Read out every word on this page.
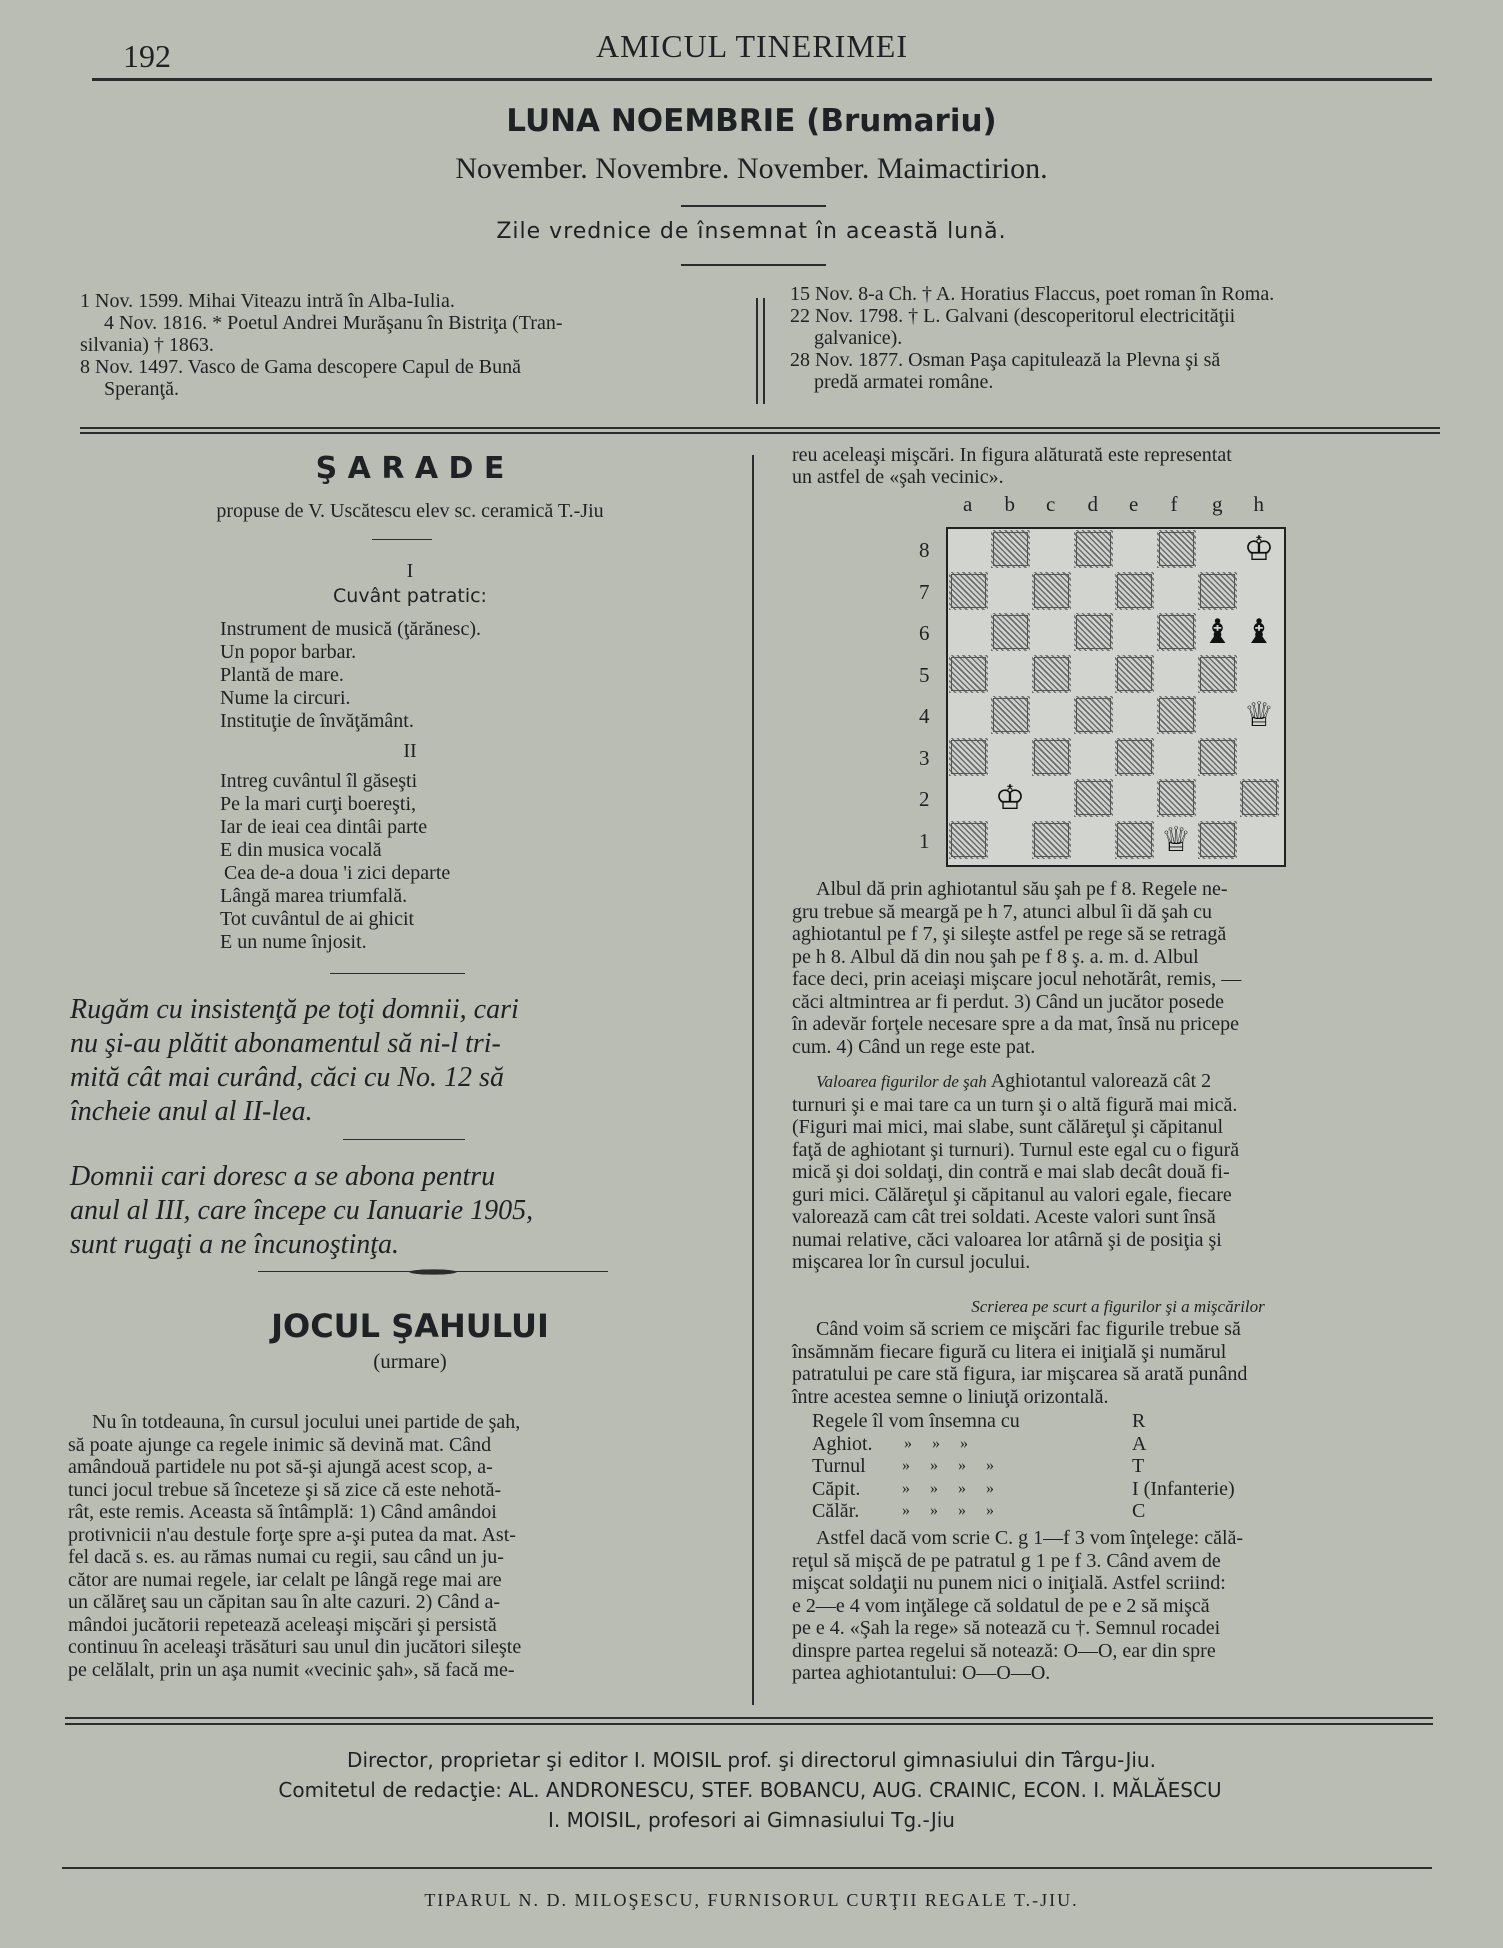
192	AMICUL TINERIMEI
LUNA NOEMBRIE (Brumariu)
November. Novembre. November. Maimactirion.
Zile vrednice de însemnat în această lună.
1 Nov. 1599. Mihai Viteazu intră în Alba-Iulia.
4 Nov. 1816. * Poetul Andrei Murăşanu în Bistriţa (Tran-
silvania) † 1863.
8 Nov. 1497. Vasco de Gama descopere Capul de Bună
Speranţă.
15 Nov. 8-a Ch. † A. Horatius Flaccus, poet roman în Roma.
22 Nov. 1798. † L. Galvani (descoperitorul electricităţii
galvanice).
28 Nov. 1877. Osman Paşa capitulează la Plevna şi să
predă armatei române.
Ş A R A D E
propuse de V. Uscătescu elev sc. ceramică T.-Jiu
I
Cuvânt patratic:
Instrument de musică (ţărănesc).
Un popor barbar.
Plantă de mare.
Nume la circuri.
Instituţie de învăţământ.
II
Intreg cuvântul îl găseşti
Pe la mari curţi boereşti,
Iar de ieai cea dintâi parte
E din musica vocală
Cea de-a doua 'i zici departe
Lângă marea triumfală.
Tot cuvântul de ai ghicit
E un nume înjosit.
Rugăm cu insistenţă pe toţi domnii, cari
nu şi-au plătit abonamentul să ni-l tri-
mită cât mai curând, căci cu No. 12 să
încheie anul al II-lea.
Domnii cari doresc a se abona pentru
anul al III, care începe cu Ianuarie 1905,
sunt rugaţi a ne încunoştinţa.
JOCUL ŞAHULUI
(urmare)
Nu în totdeauna, în cursul jocului unei partide de şah,
să poate ajunge ca regele inimic să devină mat. Când
amândouă partidele nu pot să-şi ajungă acest scop, a-
tunci jocul trebue să înceteze şi să zice că este nehotă-
rât, este remis. Aceasta să întâmplă: 1) Când amândoi
protivnicii n'au destule forţe spre a-şi putea da mat. Ast-
fel dacă s. es. au rămas numai cu regii, sau când un ju-
cător are numai regele, iar celalt pe lângă rege mai are
un călăreţ sau un căpitan sau în alte cazuri. 2) Când a-
mândoi jucătorii repetează aceleaşi mişcări şi persistă
continuu în aceleaşi trăsături sau unul din jucători sileşte
pe celălalt, prin un aşa numit «vecinic şah», să facă me-
reu aceleaşi mişcări. In figura alăturată este representat
un astfel de «şah vecinic».
a b c d e f g h
8
7
6
5
4
3
2
1
♔
♝ ♝
♕
♔
♕
Albul dă prin aghiotantul său şah pe f 8. Regele ne-
gru trebue să meargă pe h 7, atunci albul îi dă şah cu
aghiotantul pe f 7, şi sileşte astfel pe rege să se retragă
pe h 8. Albul dă din nou şah pe f 8 ş. a. m. d. Albul
face deci, prin aceiaşi mişcare jocul nehotărât, remis, —
căci altmintrea ar fi perdut. 3) Când un jucător posede
în adevăr forţele necesare spre a da mat, însă nu pricepe
cum. 4) Când un rege este pat.
Valoarea figurilor de şah Aghiotantul valorează cât 2
turnuri şi e mai tare ca un turn şi o altă figură mai mică.
(Figuri mai mici, mai slabe, sunt călăreţul şi căpitanul
faţă de aghiotant şi turnuri). Turnul este egal cu o figură
mică şi doi soldaţi, din contră e mai slab decât două fi-
guri mici. Călăreţul şi căpitanul au valori egale, fiecare
valorează cam cât trei soldati. Aceste valori sunt însă
numai relative, căci valoarea lor atârnă şi de posiţia şi
mişcarea lor în cursul jocului.
Scrierea pe scurt a figurilor şi a mişcărilor
Când voim să scriem ce mişcări fac figurile trebue să
însămnăm fiecare figură cu litera ei iniţială şi numărul
patratului pe care stă figura, iar mişcarea să arată punând
între acestea semne o liniuţă orizontală.
Regele îl vom însemna cu	R
Aghiot. »     »     »	A
Turnul »     »     »     »	T
Căpit.	»     »     »     »	I (Infanterie)
Călăr.	»     »     »     »	C
Astfel dacă vom scrie C. g 1—f 3 vom înţelege: călă-
reţul să mişcă de pe patratul g 1 pe f 3. Când avem de
mişcat soldaţii nu punem nici o iniţială. Astfel scriind:
e 2—e 4 vom inţălege că soldatul de pe e 2 să mişcă
pe e 4. «Şah la rege» să notează cu †. Semnul rocadei
dinspre partea regelui să notează: O—O, ear din spre
partea aghiotantului: O—O—O.
Director, proprietar şi editor I. MOISIL prof. şi directorul gimnasiului din Târgu-Jiu.
Comitetul de redacţie: AL. ANDRONESCU, STEF. BOBANCU, AUG. CRAINIC, ECON. I. MĂLĂESCU
I. MOISIL, profesori ai Gimnasiului Tg.-Jiu
TIPARUL N. D. MILOŞESCU, FURNISORUL CURŢII REGALE T.-JIU.
